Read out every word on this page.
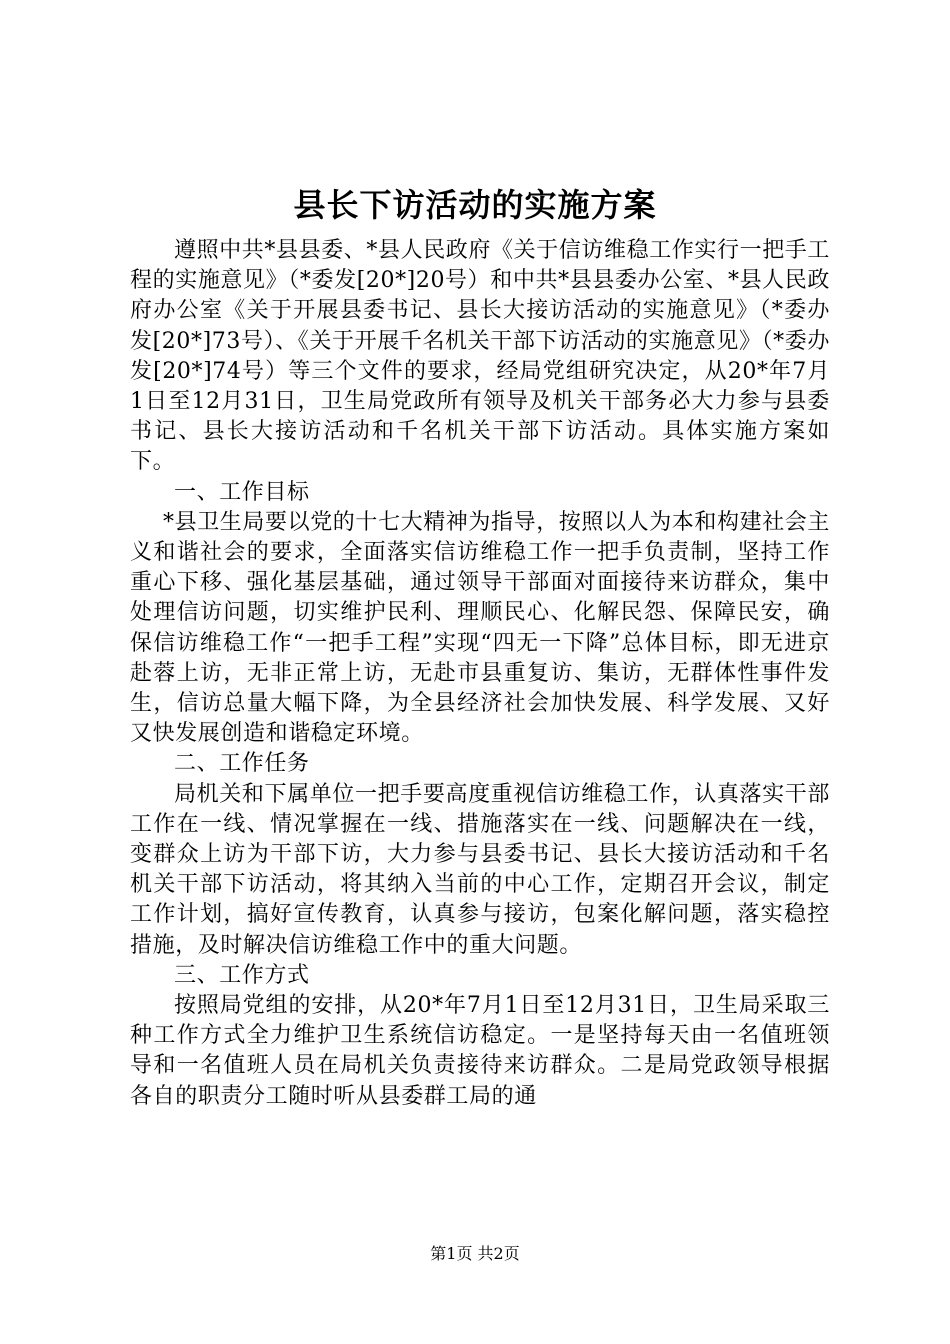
县长下访活动的实施方案

遵照中共*县县委、*县人民政府《关于信访维稳工作实行一把手工程的实施意见》（*委发[20*]20号）和中共*县县委办公室、*县人民政府办公室《关于开展县委书记、县长大接访活动的实施意见》（*委办发[20*]73号）、《关于开展千名机关干部下访活动的实施意见》（*委办发[20*]74号）等三个文件的要求，经局党组研究决定，从20*年7月1日至12月31日，卫生局党政所有领导及机关干部务必大力参与县委书记、县长大接访活动和千名机关干部下访活动。具体实施方案如下。

一、工作目标

*县卫生局要以党的十七大精神为指导，按照以人为本和构建社会主义和谐社会的要求，全面落实信访维稳工作一把手负责制，坚持工作重心下移、强化基层基础，通过领导干部面对面接待来访群众，集中处理信访问题，切实维护民利、理顺民心、化解民怨、保障民安，确保信访维稳工作“一把手工程”实现“四无一下降”总体目标，即无进京赴蓉上访，无非正常上访，无赴市县重复访、集访，无群体性事件发生，信访总量大幅下降，为全县经济社会加快发展、科学发展、又好又快发展创造和谐稳定环境。

二、工作任务

局机关和下属单位一把手要高度重视信访维稳工作，认真落实干部工作在一线、情况掌握在一线、措施落实在一线、问题解决在一线，变群众上访为干部下访，大力参与县委书记、县长大接访活动和千名机关干部下访活动，将其纳入当前的中心工作，定期召开会议，制定工作计划，搞好宣传教育，认真参与接访，包案化解问题，落实稳控措施，及时解决信访维稳工作中的重大问题。

三、工作方式

按照局党组的安排，从20*年7月1日至12月31日，卫生局采取三种工作方式全力维护卫生系统信访稳定。一是坚持每天由一名值班领导和一名值班人员在局机关负责接待来访群众。二是局党政领导根据各自的职责分工随时听从县委群工局的通

第1页 共2页
